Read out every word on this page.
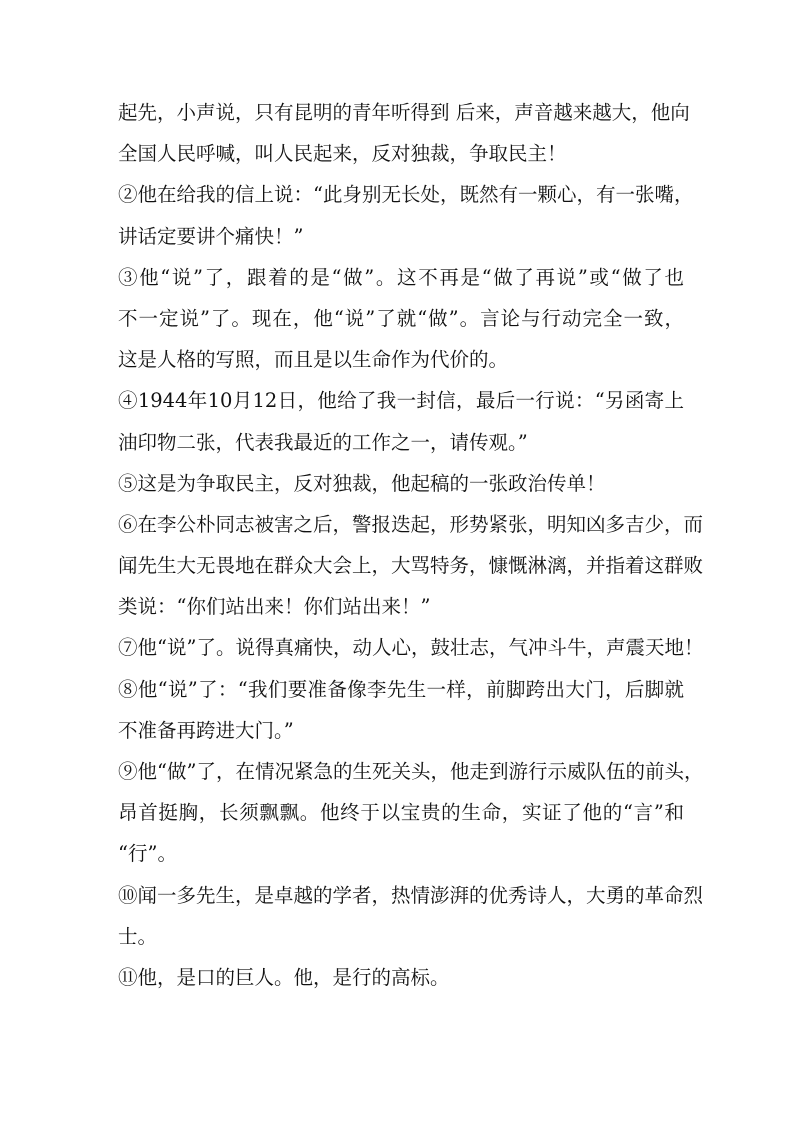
起先，小声说，只有昆明的青年听得到 后来，声音越来越大，他向
全国人民呼喊，叫人民起来，反对独裁，争取民主！
②他在给我的信上说：“此身别无长处，既然有一颗心，有一张嘴，
讲话定要讲个痛快！”
③他“说”了，跟着的是“做”。这不再是“做了再说”或“做了也
不一定说”了。现在，他“说”了就“做”。言论与行动完全一致，
这是人格的写照，而且是以生命作为代价的。
④1944年10月12日，他给了我一封信，最后一行说：“另函寄上
油印物二张，代表我最近的工作之一，请传观。”
⑤这是为争取民主，反对独裁，他起稿的一张政治传单！
⑥在李公朴同志被害之后，警报迭起，形势紧张，明知凶多吉少，而
闻先生大无畏地在群众大会上，大骂特务，慷慨淋漓，并指着这群败
类说：“你们站出来！你们站出来！”
⑦他“说”了。说得真痛快，动人心，鼓壮志，气冲斗牛，声震天地！
⑧他“说”了：“我们要准备像李先生一样，前脚跨出大门，后脚就
不准备再跨进大门。”
⑨他“做”了，在情况紧急的生死关头，他走到游行示威队伍的前头，
昂首挺胸，长须飘飘。他终于以宝贵的生命，实证了他的“言”和
“行”。
⑩闻一多先生，是卓越的学者，热情澎湃的优秀诗人，大勇的革命烈
士。
⑪他，是口的巨人。他，是行的高标。
